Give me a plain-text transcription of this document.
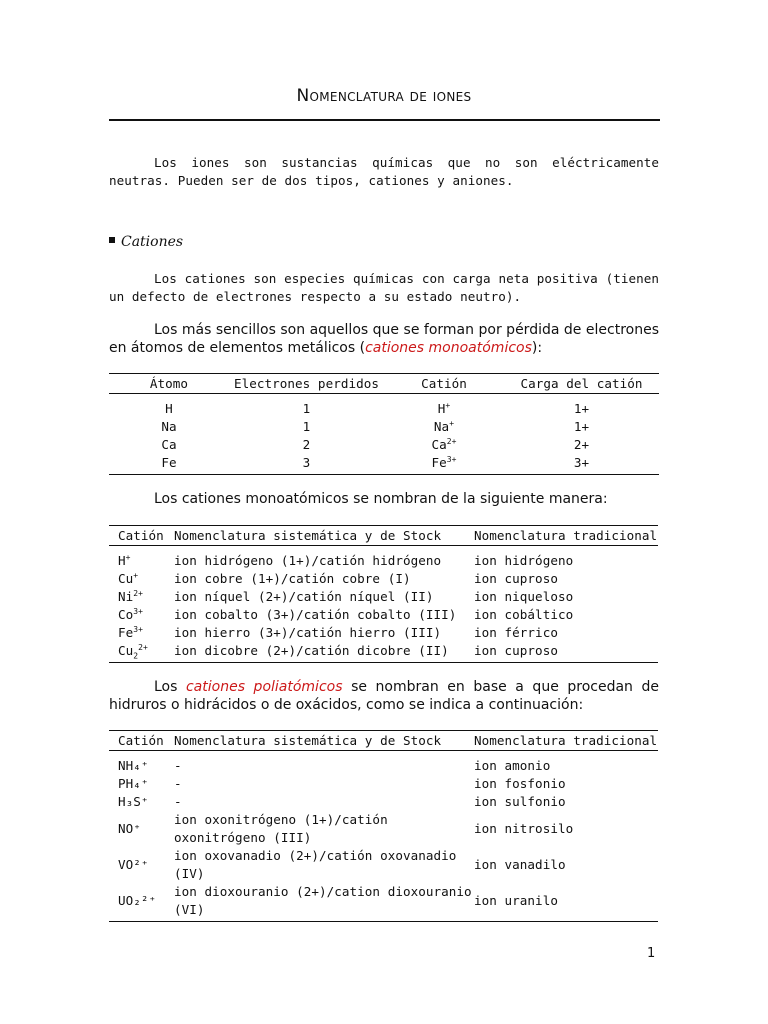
Nomenclatura de iones

Los iones son sustancias químicas que no son eléctricamente neutras. Pueden ser de dos tipos, cationes y aniones.

Cationes

Los cationes son especies químicas con carga neta positiva (tienen un defecto de electrones respecto a su estado neutro).

Los más sencillos son aquellos que se forman por pérdida de electrones en átomos de elementos metálicos (cationes monoatómicos):

Átomo	Electrones perdidos	Catión	Carga del catión
H	1	H+	1+
Na	1	Na+	1+
Ca	2	$Ca^{2+}$	2+
Fe	3	$Fe^{3+}$	3+

Los cationes monoatómicos se nombran de la siguiente manera:

Catión	Nomenclatura sistemática y de Stock	Nomenclatura tradicional
H+	ion hidrógeno (1+)/catión hidrógeno	ion hidrógeno
Cu+	ion cobre (1+)/catión cobre (I)	ion cuproso
$Ni^{2+}$	ion níquel (2+)/catión níquel (II)	ion niqueloso
$Co^{3+}$	ion cobalto (3+)/catión cobalto (III)	ion cobáltico
$Fe^{3+}$	ion hierro (3+)/catión hierro (III)	ion férrico
$Cu_2^{2+}$	ion dicobre (2+)/catión dicobre (II)	ion cuproso

Los cationes poliatómicos se nombran en base a que procedan de hidruros o hidrácidos o de oxácidos, como se indica a continuación:

Catión	Nomenclatura sistemática y de Stock	Nomenclatura tradicional
NH₄⁺	-	ion amonio
PH₄⁺	-	ion fosfonio
H₃S⁺	-	ion sulfonio
NO⁺	ion oxonitrógeno (1+)/catión oxonitrógeno (III)	ion nitrosilo
VO²⁺	ion oxovanadio (2+)/catión oxovanadio (IV)	ion vanadilo
UO₂²⁺	ion dioxouranio (2+)/cation dioxouranio (VI)	ion uranilo
1
